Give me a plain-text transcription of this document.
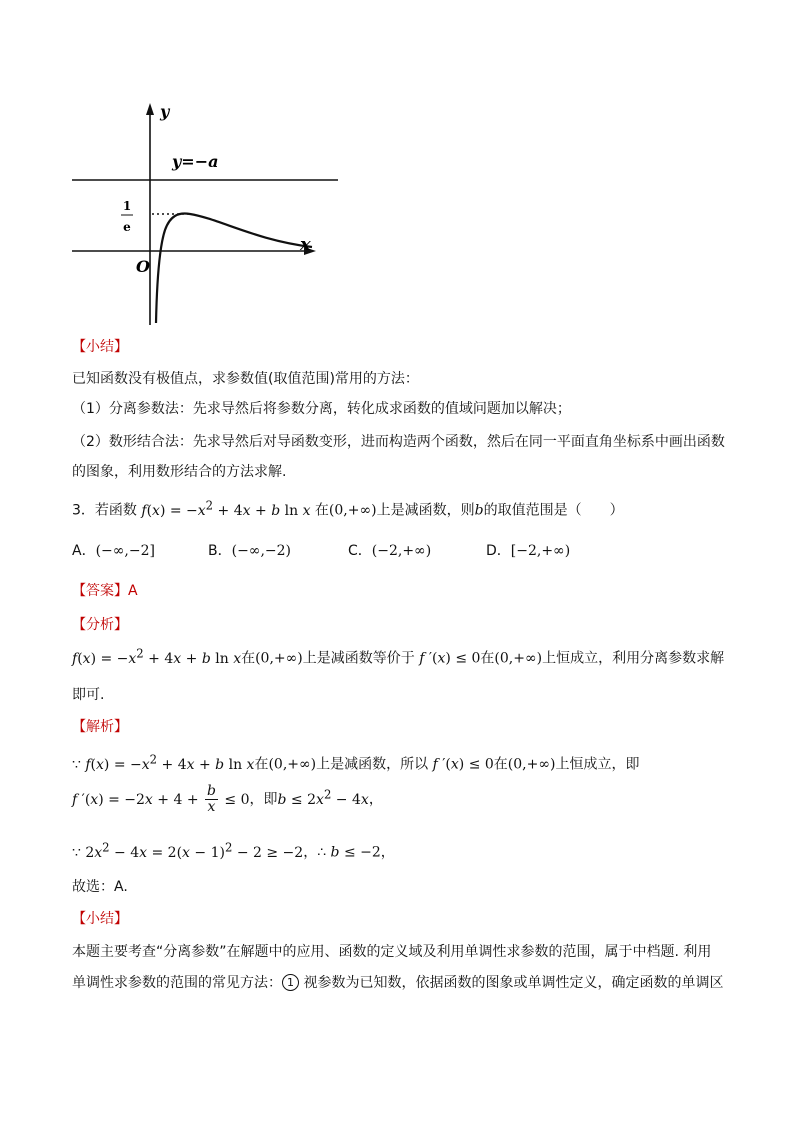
y
x
O
y=−a
1
e
【小结】
已知函数没有极值点，求参数值(取值范围)常用的方法：
（1）分离参数法：先求导然后将参数分离，转化成求函数的值域问题加以解决；
（2）数形结合法：先求导然后对导函数变形，进而构造两个函数，然后在同一平面直角坐标系中画出函数
的图象，利用数形结合的方法求解.
3．若函数 $f(x) = -x^2 + 4x + b$ ln x 在(0,+∞)上是减函数，则b的取值范围是（　　）
A．(−∞,−2]	B．(−∞,−2)	C．(−2,+∞)	D．[−2,+∞)
【答案】A
【分析】
$f(x) = -x^2 + 4x + b$ ln x在(0,+∞)上是减函数等价于 f ′(x) ≤ 0在(0,+∞)上恒成立，利用分离参数求解
即可.
【解析】
∵ $f(x) = -x^2 + 4x + b$ ln x在(0,+∞)上是减函数，所以 f ′(x) ≤ 0在(0,+∞)上恒成立，即
f $'(x) = -2x + 4 + \frac{b}{x} \le 0$，即$b \le 2x^2 - 4x$，
∵ $2x^2 - 4x = 2(x - 1)^2 - 2 \ge -2$，∴ b ≤ −2，
故选：A.
【小结】
本题主要考查“分离参数”在解题中的应用、函数的定义域及利用单调性求参数的范围，属于中档题. 利用
单调性求参数的范围的常见方法： 1 视参数为已知数，依据函数的图象或单调性定义，确定函数的单调区
